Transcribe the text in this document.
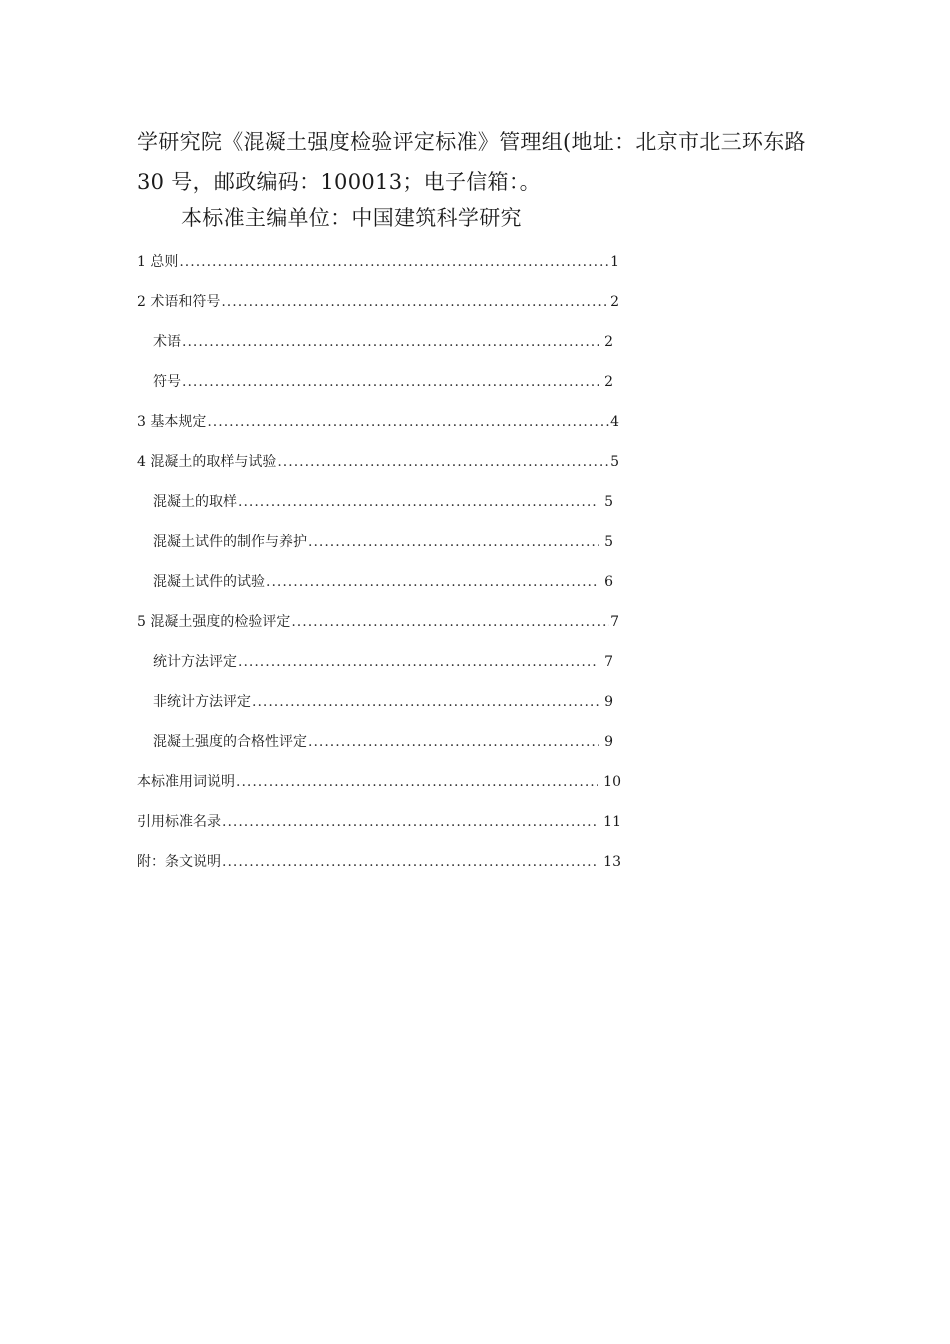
学研究院《混凝土强度检验评定标准》管理组(地址：北京市北三环东路

30 号，邮政编码：100013；电子信箱：。

本标准主编单位：中国建筑科学研究
1 总则 .....	1
2 术语和符号 .....	2
术语 .....	2
符号 .....	2
3 基本规定 .....	4
4 混凝土的取样与试验 .....	5
混凝土的取样 .....	5
混凝土试件的制作与养护 .....	5
混凝土试件的试验 .....	6
5 混凝土强度的检验评定 .....	7
统计方法评定 .....	7
非统计方法评定 .....	9
混凝土强度的合格性评定 .....	9
本标准用词说明 .....	10
引用标准名录 .....	11
附：条文说明 .....	13
